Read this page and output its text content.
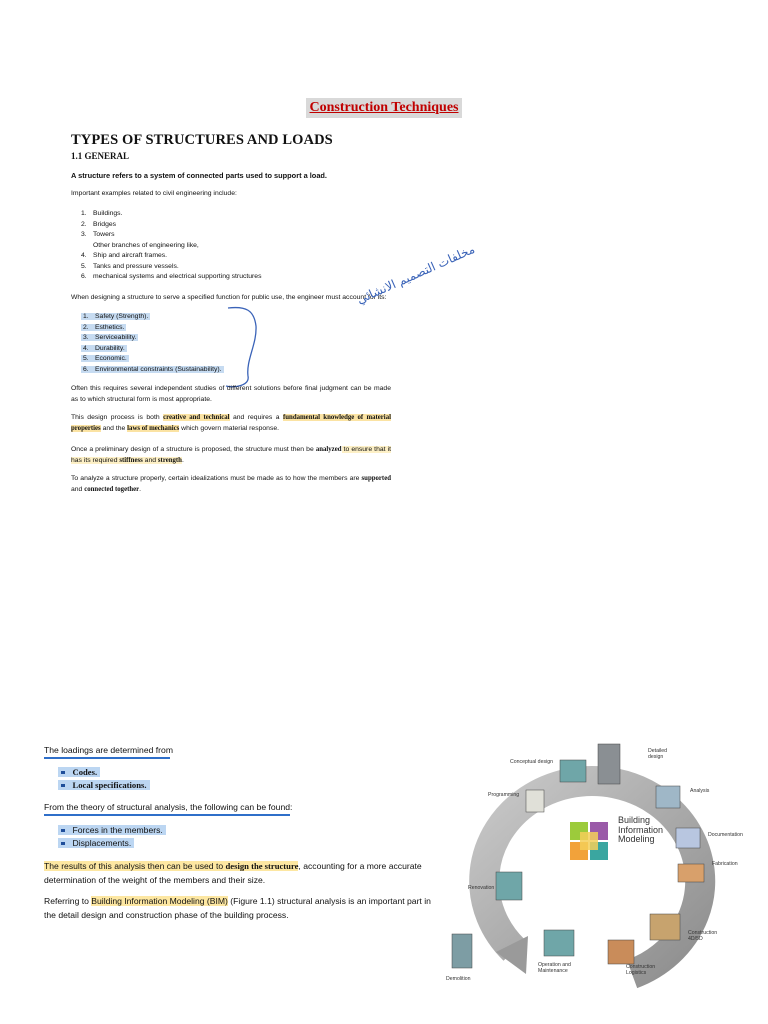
Construction Techniques
TYPES OF STRUCTURES AND LOADS
1.1 GENERAL
A structure refers to a system of connected parts used to support a load.
Important examples related to civil engineering include:
1. Buildings.
2. Bridges
3. Towers
Other branches of engineering like,
4. Ship and aircraft frames.
5. Tanks and pressure vessels.
6. mechanical systems and electrical supporting structures
When designing a structure to serve a specified function for public use, the engineer must account for its:
1. Safety (Strength).
2. Esthetics.
3. Serviceability.
4. Durability.
5. Economic.
6. Environmental constraints (Sustainability).
مخلفات التصميم الانشائي
Often this requires several independent studies of different solutions before final judgment can be made as to which structural form is most appropriate.
This design process is both creative and technical and requires a fundamental knowledge of material properties and the laws of mechanics which govern material response.
Once a preliminary design of a structure is proposed, the structure must then be analyzed to ensure that it has its required stiffness and strength.
To analyze a structure properly, certain idealizations must be made as to how the members are supported and connected together.
The loadings are determined from
Codes.
Local specifications.
From the theory of structural analysis, the following can be found:
Forces in the members.
Displacements.
The results of this analysis then can be used to design the structure, accounting for a more accurate
determination of the weight of the members and their size.
Referring to Building Information Modeling (BIM) (Figure 1.1) structural analysis is an important part in
the detail design and construction phase of the building process.
Building
Information
Modeling
Conceptual design
Detailed
design
Programming
Analysis
Documentation
Fabrication
Renovation
Construction
4D/5D
Operation and
Maintenance
Construction
Logistics
Demolition
